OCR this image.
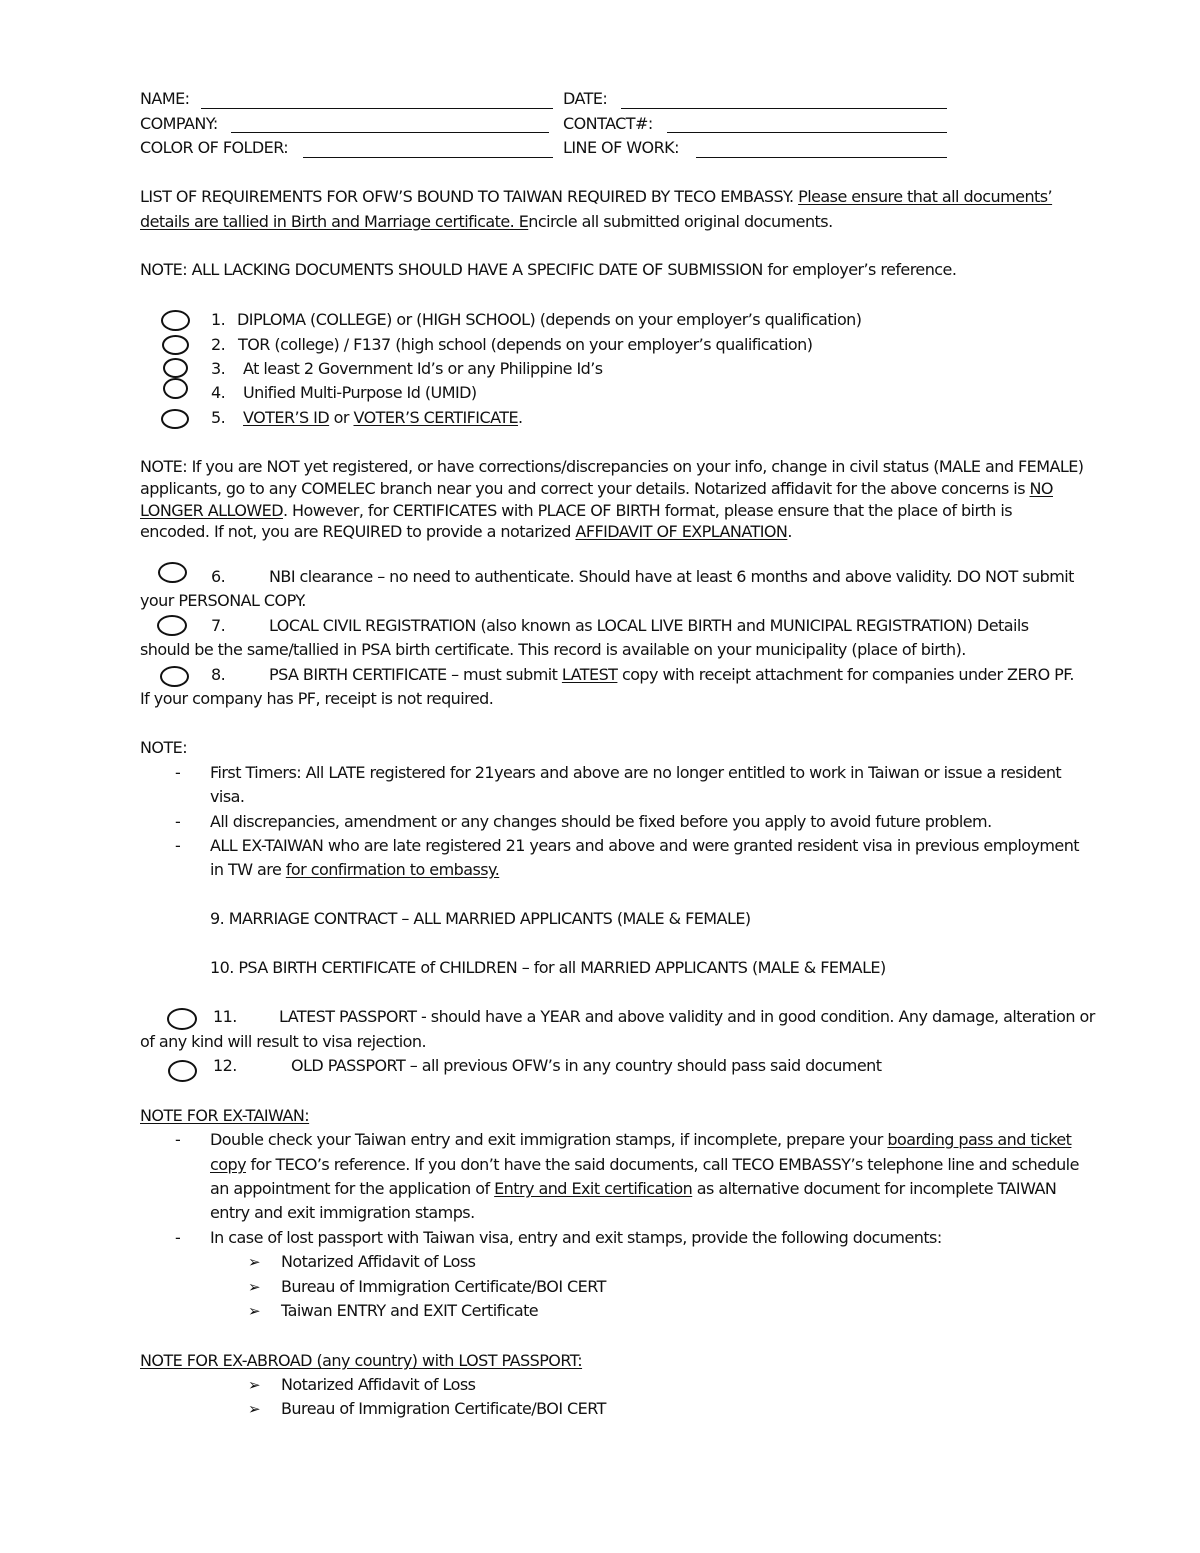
NAME:	DATE:
COMPANY:	CONTACT#:
COLOR OF FOLDER:	LINE OF WORK:
LIST OF REQUIREMENTS FOR OFW’S BOUND TO TAIWAN REQUIRED BY TECO EMBASSY. Please ensure that all documents’
details are tallied in Birth and Marriage certificate. Encircle all submitted original documents.
NOTE: ALL LACKING DOCUMENTS SHOULD HAVE A SPECIFIC DATE OF SUBMISSION for employer’s reference.
1. DIPLOMA (COLLEGE) or (HIGH SCHOOL) (depends on your employer’s qualification)
2. TOR (college) / F137 (high school (depends on your employer’s qualification)
3. At least 2 Government Id’s or any Philippine Id’s
4. Unified Multi-Purpose Id (UMID)
5. VOTER’S ID or VOTER’S CERTIFICATE.
NOTE: If you are NOT yet registered, or have corrections/discrepancies on your info, change in civil status (MALE and FEMALE)
applicants, go to any COMELEC branch near you and correct your details. Notarized affidavit for the above concerns is NO
LONGER ALLOWED. However, for CERTIFICATES with PLACE OF BIRTH format, please ensure that the place of birth is
encoded. If not, you are REQUIRED to provide a notarized AFFIDAVIT OF EXPLANATION.
6.	NBI clearance – no need to authenticate. Should have at least 6 months and above validity. DO NOT submit
your PERSONAL COPY.
7.	LOCAL CIVIL REGISTRATION (also known as LOCAL LIVE BIRTH and MUNICIPAL REGISTRATION) Details
should be the same/tallied in PSA birth certificate. This record is available on your municipality (place of birth).
8.	PSA BIRTH CERTIFICATE – must submit LATEST copy with receipt attachment for companies under ZERO PF.
If your company has PF, receipt is not required.
NOTE:
- First Timers: All LATE registered for 21years and above are no longer entitled to work in Taiwan or issue a resident
visa.
- All discrepancies, amendment or any changes should be fixed before you apply to avoid future problem.
- ALL EX-TAIWAN who are late registered 21 years and above and were granted resident visa in previous employment
in TW are for confirmation to embassy.
9. MARRIAGE CONTRACT – ALL MARRIED APPLICANTS (MALE & FEMALE)
10. PSA BIRTH CERTIFICATE of CHILDREN – for all MARRIED APPLICANTS (MALE & FEMALE)
11.	LATEST PASSPORT - should have a YEAR and above validity and in good condition. Any damage, alteration or
of any kind will result to visa rejection.
12.	OLD PASSPORT – all previous OFW’s in any country should pass said document
NOTE FOR EX-TAIWAN:
- Double check your Taiwan entry and exit immigration stamps, if incomplete, prepare your boarding pass and ticket
copy for TECO’s reference. If you don’t have the said documents, call TECO EMBASSY’s telephone line and schedule
an appointment for the application of Entry and Exit certification as alternative document for incomplete TAIWAN
entry and exit immigration stamps.
- In case of lost passport with Taiwan visa, entry and exit stamps, provide the following documents:
➢ Notarized Affidavit of Loss
➢ Bureau of Immigration Certificate/BOI CERT
➢ Taiwan ENTRY and EXIT Certificate
NOTE FOR EX-ABROAD (any country) with LOST PASSPORT:
➢ Notarized Affidavit of Loss
➢ Bureau of Immigration Certificate/BOI CERT
